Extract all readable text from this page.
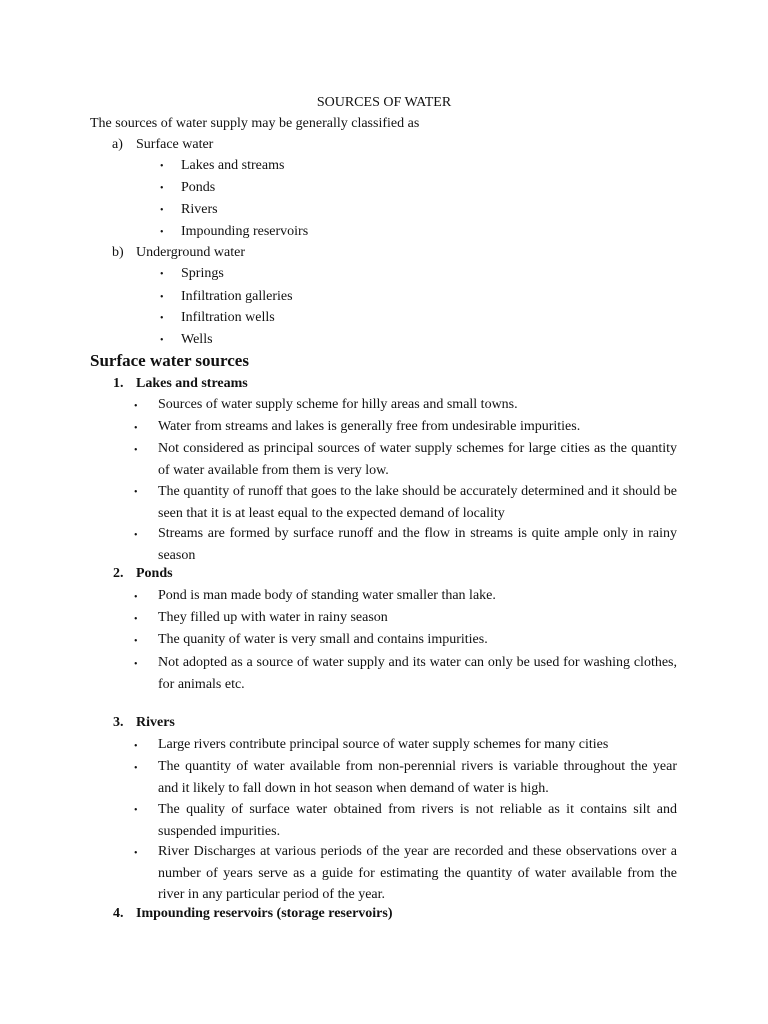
SOURCES OF WATER
The sources of water supply may be generally classified as
a) Surface water
• Lakes and streams
• Ponds
• Rivers
• Impounding reservoirs
b) Underground water
• Springs
• Infiltration galleries
• Infiltration wells
• Wells
Surface water sources
1. Lakes and streams
• Sources of water supply scheme for hilly areas and small towns.
• Water from streams and lakes is generally free from undesirable impurities.
• Not considered as principal sources of water supply schemes for large cities as the quantity of water available from them is very low.
• The quantity of runoff that goes to the lake should be accurately determined and it should be seen that it is at least equal to the expected demand of locality
• Streams are formed by surface runoff and the flow in streams is quite ample only in rainy season
2. Ponds
• Pond is man made body of standing water smaller than lake.
• They filled up with water in rainy season
• The quanity of water is very small and contains impurities.
• Not adopted as a source of water supply and its water can only be used for washing clothes, for animals etc.
3. Rivers
• Large rivers contribute principal source of water supply schemes for many cities
• The quantity of water available from non-perennial rivers is variable throughout the year and it likely to fall down in hot season when demand of water is high.
• The quality of surface water obtained from rivers is not reliable as it contains silt and suspended impurities.
• River Discharges at various periods of the year are recorded and these observations over a number of years serve as a guide for estimating the quantity of water available from the river in any particular period of the year.
4. Impounding reservoirs (storage reservoirs)
